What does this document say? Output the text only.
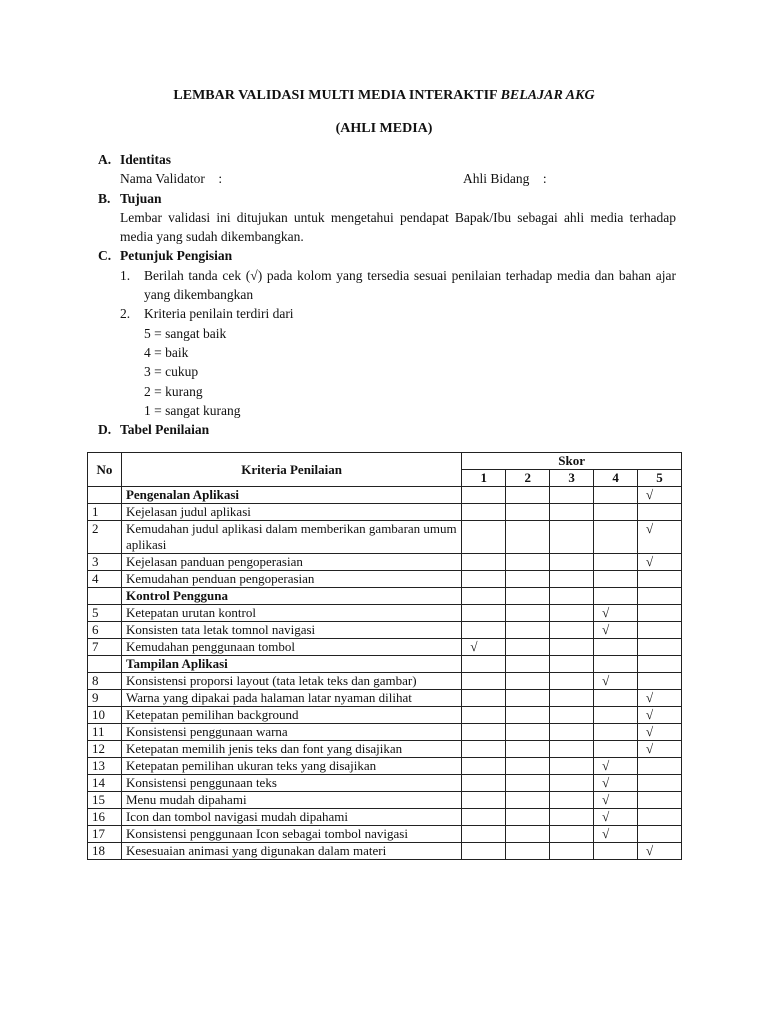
LEMBAR VALIDASI MULTI MEDIA INTERAKTIF BELAJAR AKG
(AHLI MEDIA)
A. Identitas
Nama Validator :	Ahli Bidang :
B. Tujuan
Lembar validasi ini ditujukan untuk mengetahui pendapat Bapak/Ibu sebagai ahli media terhadap media yang sudah dikembangkan.
C. Petunjuk Pengisian
1.	Berilah tanda cek (√) pada kolom yang tersedia sesuai penilaian terhadap media dan bahan ajar yang dikembangkan
2.	Kriteria penilain terdiri dari
5 = sangat baik
4 = baik
3 = cukup
2 = kurang
1 = sangat kurang
D. Tabel Penilaian
No	Kriteria Penilaian	Skor				
		1	2	3	4	5
	Pengenalan Aplikasi					√
1	Kejelasan judul aplikasi					
2	Kemudahan judul aplikasi dalam memberikan gambaran umum aplikasi					√
3	Kejelasan panduan pengoperasian					√
4	Kemudahan penduan pengoperasian					
	Kontrol Pengguna					
5	Ketepatan urutan kontrol				√	
6	Konsisten tata letak tomnol navigasi				√	
7	Kemudahan penggunaan tombol	√				
	Tampilan Aplikasi					
8	Konsistensi proporsi layout (tata letak teks dan gambar)				√	
9	Warna yang dipakai pada halaman latar nyaman dilihat					√
10	Ketepatan pemilihan background					√
11	Konsistensi penggunaan warna					√
12	Ketepatan memilih jenis teks dan font yang disajikan					√
13	Ketepatan pemilihan ukuran teks yang disajikan				√	
14	Konsistensi penggunaan teks				√	
15	Menu mudah dipahami				√	
16	Icon dan tombol navigasi mudah dipahami				√	
17	Konsistensi penggunaan Icon sebagai tombol navigasi				√	
18	Kesesuaian animasi yang digunakan dalam materi					√
